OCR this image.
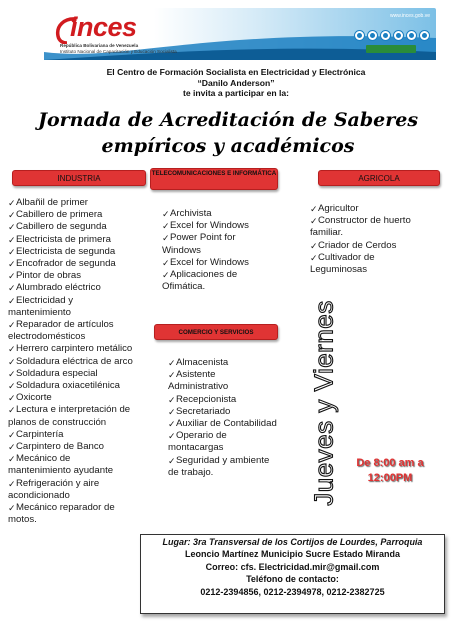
inces
República Bolivariana de Venezuela
Instituto Nacional de Capacitación y Educación Socialista
www.inces.gob.ve
El Centro de Formación Socialista en Electricidad y Electrónica
“Danilo Anderson”
te invita a participar en la:
Jornada de Acreditación de Saberes
empíricos y académicos
INDUSTRIA
TELECOMUNICACIONES E INFORMÁTICA
AGRICOLA
COMERCIO Y SERVICIOS
✓ Albañil de primer
✓ Cabillero de primera
✓ Cabillero de segunda
✓ Electricista de primera
✓ Electricista de segunda
✓ Encofrador de segunda
✓ Pintor de obras
✓ Alumbrado eléctrico
✓ Electricidad y
mantenimiento
✓ Reparador de artículos
electrodomésticos
✓ Herrero carpintero metálico
✓ Soldadura eléctrica de arco
✓ Soldadura especial
✓ Soldadura oxiacetilénica
✓ Oxicorte
✓ Lectura e interpretación de
planos de construcción
✓ Carpintería
✓ Carpintero de Banco
✓ Mecánico de
mantenimiento ayudante
✓ Refrigeración y aire
acondicionado
✓ Mecánico reparador de
motos.
✓ Archivista
✓ Excel for Windows
✓ Power Point for
Windows
✓ Excel for Windows
✓ Aplicaciones de
Ofimática.
✓ Agricultor
✓ Constructor de huerto
familiar.
✓ Criador de Cerdos
✓ Cultivador de
Leguminosas
✓ Almacenista
✓ Asistente
Administrativo
✓ Recepcionista
✓ Secretariado
✓ Auxiliar de Contabilidad
✓ Operario de
montacargas
✓ Seguridad y ambiente
de trabajo.	Jueves y Viernes	De 8:00 am a
12:00PM
Lugar: 3ra Transversal de los Cortijos de Lourdes, Parroquia
Leoncio Martínez Municipio Sucre Estado Miranda
Correo: cfs. Electricidad.mir@gmail.com
Teléfono de contacto:
0212-2394856, 0212-2394978, 0212-2382725
